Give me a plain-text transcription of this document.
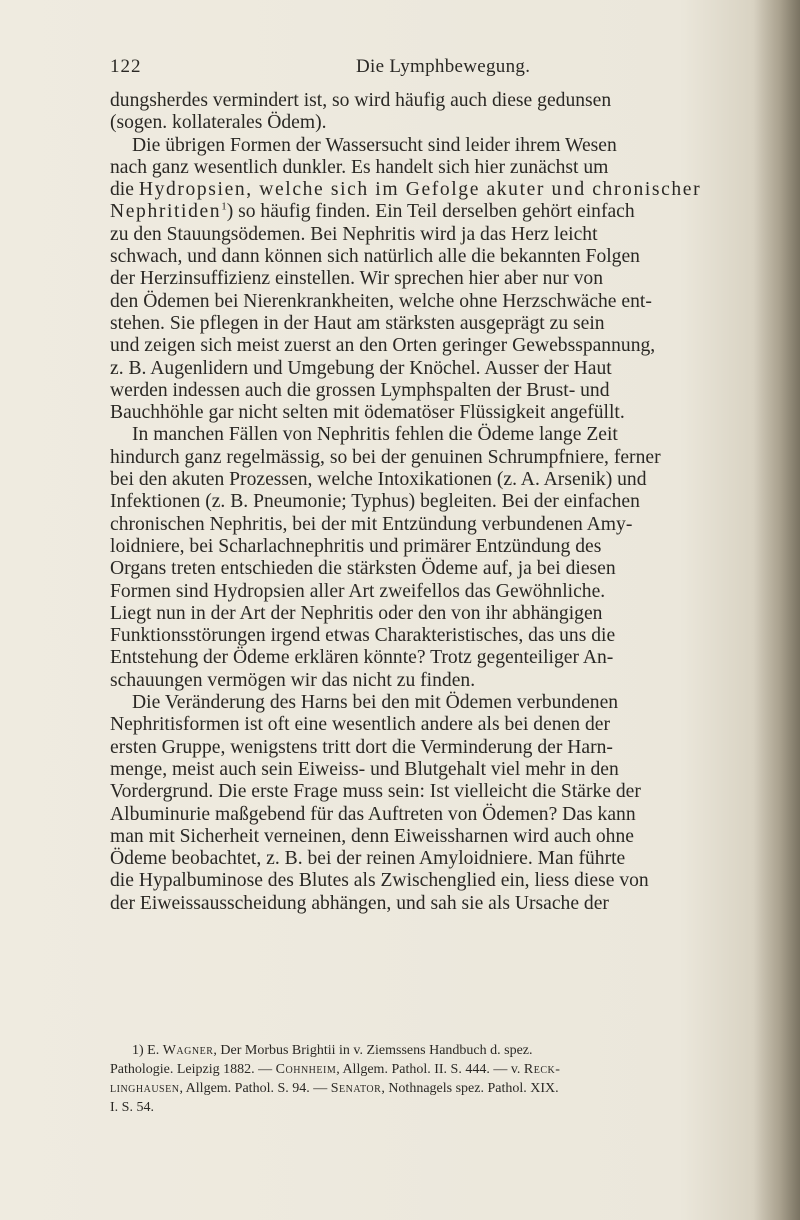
122	Die Lymphbewegung.
dungsherdes vermindert ist, so wird häufig auch diese gedunsen
(sogen. kollaterales Ödem).
Die übrigen Formen der Wassersucht sind leider ihrem Wesen
nach ganz wesentlich dunkler. Es handelt sich hier zunächst um
die Hydropsien, welche sich im Gefolge akuter und chronischer
Nephritiden$^1$) so häufig finden. Ein Teil derselben gehört einfach
zu den Stauungsödemen. Bei Nephritis wird ja das Herz leicht
schwach, und dann können sich natürlich alle die bekannten Folgen
der Herzinsuffizienz einstellen. Wir sprechen hier aber nur von
den Ödemen bei Nierenkrankheiten, welche ohne Herzschwäche ent-
stehen. Sie pflegen in der Haut am stärksten ausgeprägt zu sein
und zeigen sich meist zuerst an den Orten geringer Gewebsspannung,
z. B. Augenlidern und Umgebung der Knöchel. Ausser der Haut
werden indessen auch die grossen Lymphspalten der Brust- und
Bauchhöhle gar nicht selten mit ödematöser Flüssigkeit angefüllt.
In manchen Fällen von Nephritis fehlen die Ödeme lange Zeit
hindurch ganz regelmässig, so bei der genuinen Schrumpfniere, ferner
bei den akuten Prozessen, welche Intoxikationen (z. A. Arsenik) und
Infektionen (z. B. Pneumonie; Typhus) begleiten. Bei der einfachen
chronischen Nephritis, bei der mit Entzündung verbundenen Amy-
loidniere, bei Scharlachnephritis und primärer Entzündung des
Organs treten entschieden die stärksten Ödeme auf, ja bei diesen
Formen sind Hydropsien aller Art zweifellos das Gewöhnliche.
Liegt nun in der Art der Nephritis oder den von ihr abhängigen
Funktionsstörungen irgend etwas Charakteristisches, das uns die
Entstehung der Ödeme erklären könnte? Trotz gegenteiliger An-
schauungen vermögen wir das nicht zu finden.
Die Veränderung des Harns bei den mit Ödemen verbundenen
Nephritisformen ist oft eine wesentlich andere als bei denen der
ersten Gruppe, wenigstens tritt dort die Verminderung der Harn-
menge, meist auch sein Eiweiss- und Blutgehalt viel mehr in den
Vordergrund. Die erste Frage muss sein: Ist vielleicht die Stärke der
Albuminurie maßgebend für das Auftreten von Ödemen? Das kann
man mit Sicherheit verneinen, denn Eiweissharnen wird auch ohne
Ödeme beobachtet, z. B. bei der reinen Amyloidniere. Man führte
die Hypalbuminose des Blutes als Zwischenglied ein, liess diese von
der Eiweissausscheidung abhängen, und sah sie als Ursache der
1) E. Wagner, Der Morbus Brightii in v. Ziemssens Handbuch d. spez.
Pathologie. Leipzig 1882. — Cohnheim, Allgem. Pathol. II. S. 444. — v. Reck-
linghausen, Allgem. Pathol. S. 94. — Senator, Nothnagels spez. Pathol. XIX.
I. S. 54.
